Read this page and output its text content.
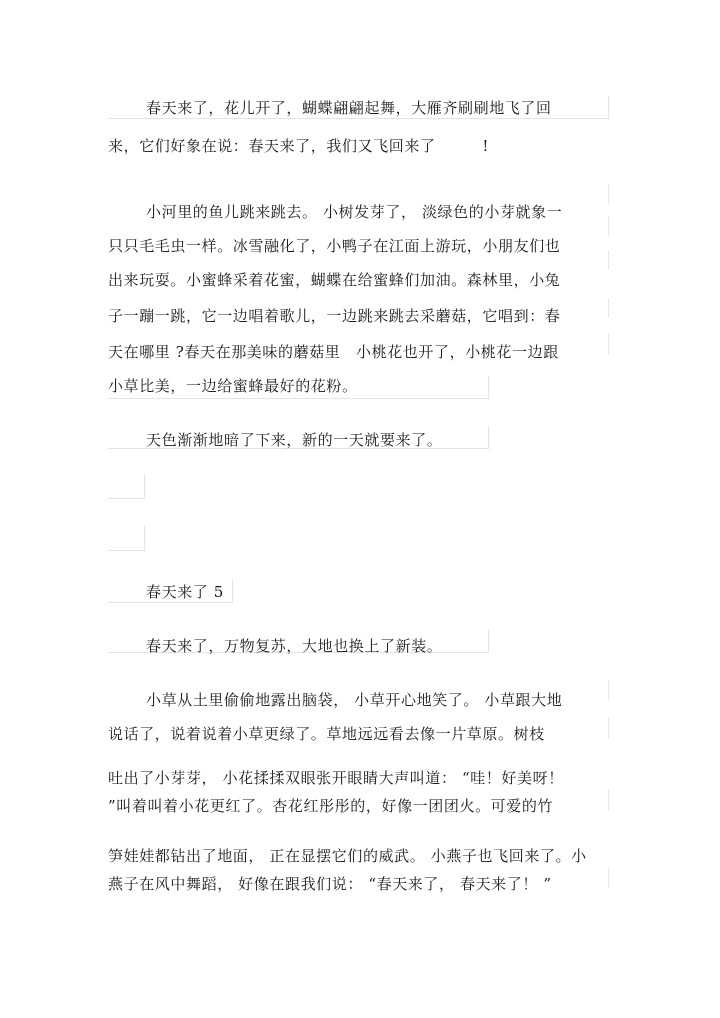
春天来了，花儿开了，蝴蝶翩翩起舞，大雁齐刷刷地飞了回
来，它们好象在说：春天来了，我们又飞回来了　　　!
小河里的鱼儿跳来跳去。 小树发芽了， 淡绿色的小芽就象一
只只毛毛虫一样。冰雪融化了，小鸭子在江面上游玩，小朋友们也
出来玩耍。小蜜蜂采着花蜜，蝴蝶在给蜜蜂们加油。森林里，小兔
子一蹦一跳，它一边唱着歌儿，一边跳来跳去采蘑菇，它唱到：春
天在哪里 ?春天在那美味的蘑菇里　小桃花也开了，小桃花一边跟
小草比美，一边给蜜蜂最好的花粉。
天色渐渐地暗了下来，新的一天就要来了。
春天来了 5
春天来了，万物复苏，大地也换上了新装。
小草从土里偷偷地露出脑袋， 小草开心地笑了。 小草跟大地
说话了，说着说着小草更绿了。草地远远看去像一片草原。树枝
吐出了小芽芽， 小花揉揉双眼张开眼睛大声叫道： “哇！好美呀！
”叫着叫着小花更红了。杏花红彤彤的，好像一团团火。可爱的竹
笋娃娃都钻出了地面， 正在显摆它们的威武。 小燕子也飞回来了。小
燕子在风中舞蹈， 好像在跟我们说： “春天来了， 春天来了！ ”
